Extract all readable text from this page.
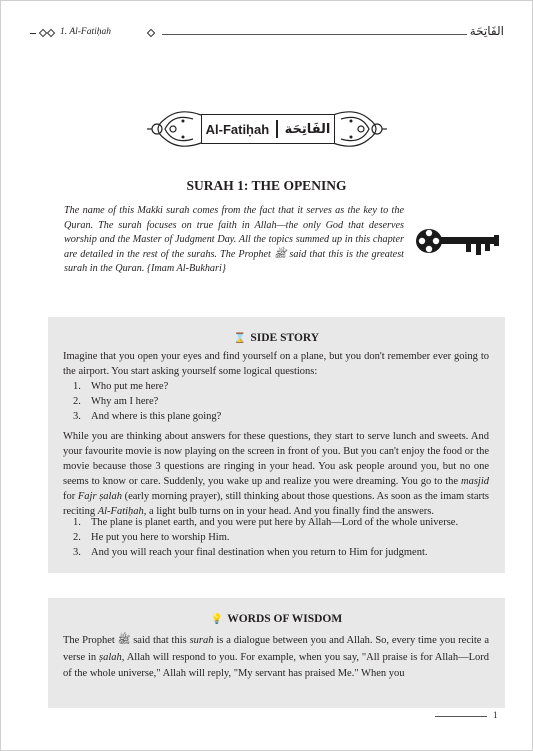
1. Al-Fatiḥah	الفَاتِحَة
Al-Fatiḥah الفَاتِحَة
SURAH 1: THE OPENING
The name of this Makki surah comes from the fact that it serves as the key to the Quran. The surah focuses on true faith in Allah—the only God that deserves worship and the Master of Judgment Day. All the topics summed up in this chapter are detailed in the rest of the surahs. The Prophet ﷺ said that this is the greatest surah in the Quran. {Imam Al-Bukhari}
⌛ SIDE STORY
Imagine that you open your eyes and find yourself on a plane, but you don't remember ever going to the airport. You start asking yourself some logical questions:
1. Who put me here?
2. Why am I here?
3. And where is this plane going?
While you are thinking about answers for these questions, they start to serve lunch and sweets. And your favourite movie is now playing on the screen in front of you. But you can't enjoy the food or the movie because those 3 questions are ringing in your head. You ask people around you, but no one seems to know or care. Suddenly, you wake up and realize you were dreaming. You go to the masjid for Fajr ṣalah (early morning prayer), still thinking about those questions. As soon as the imam starts reciting Al-Fatiḥah, a light bulb turns on in your head. And you finally find the answers.
1. The plane is planet earth, and you were put here by Allah—Lord of the whole universe.
2. He put you here to worship Him.
3. And you will reach your final destination when you return to Him for judgment.
💡 WORDS OF WISDOM
The Prophet ﷺ said that this surah is a dialogue between you and Allah. So, every time you recite a verse in ṣalah, Allah will respond to you. For example, when you say, "All praise is for Allah—Lord of the whole universe," Allah will reply, "My servant has praised Me." When you
1
